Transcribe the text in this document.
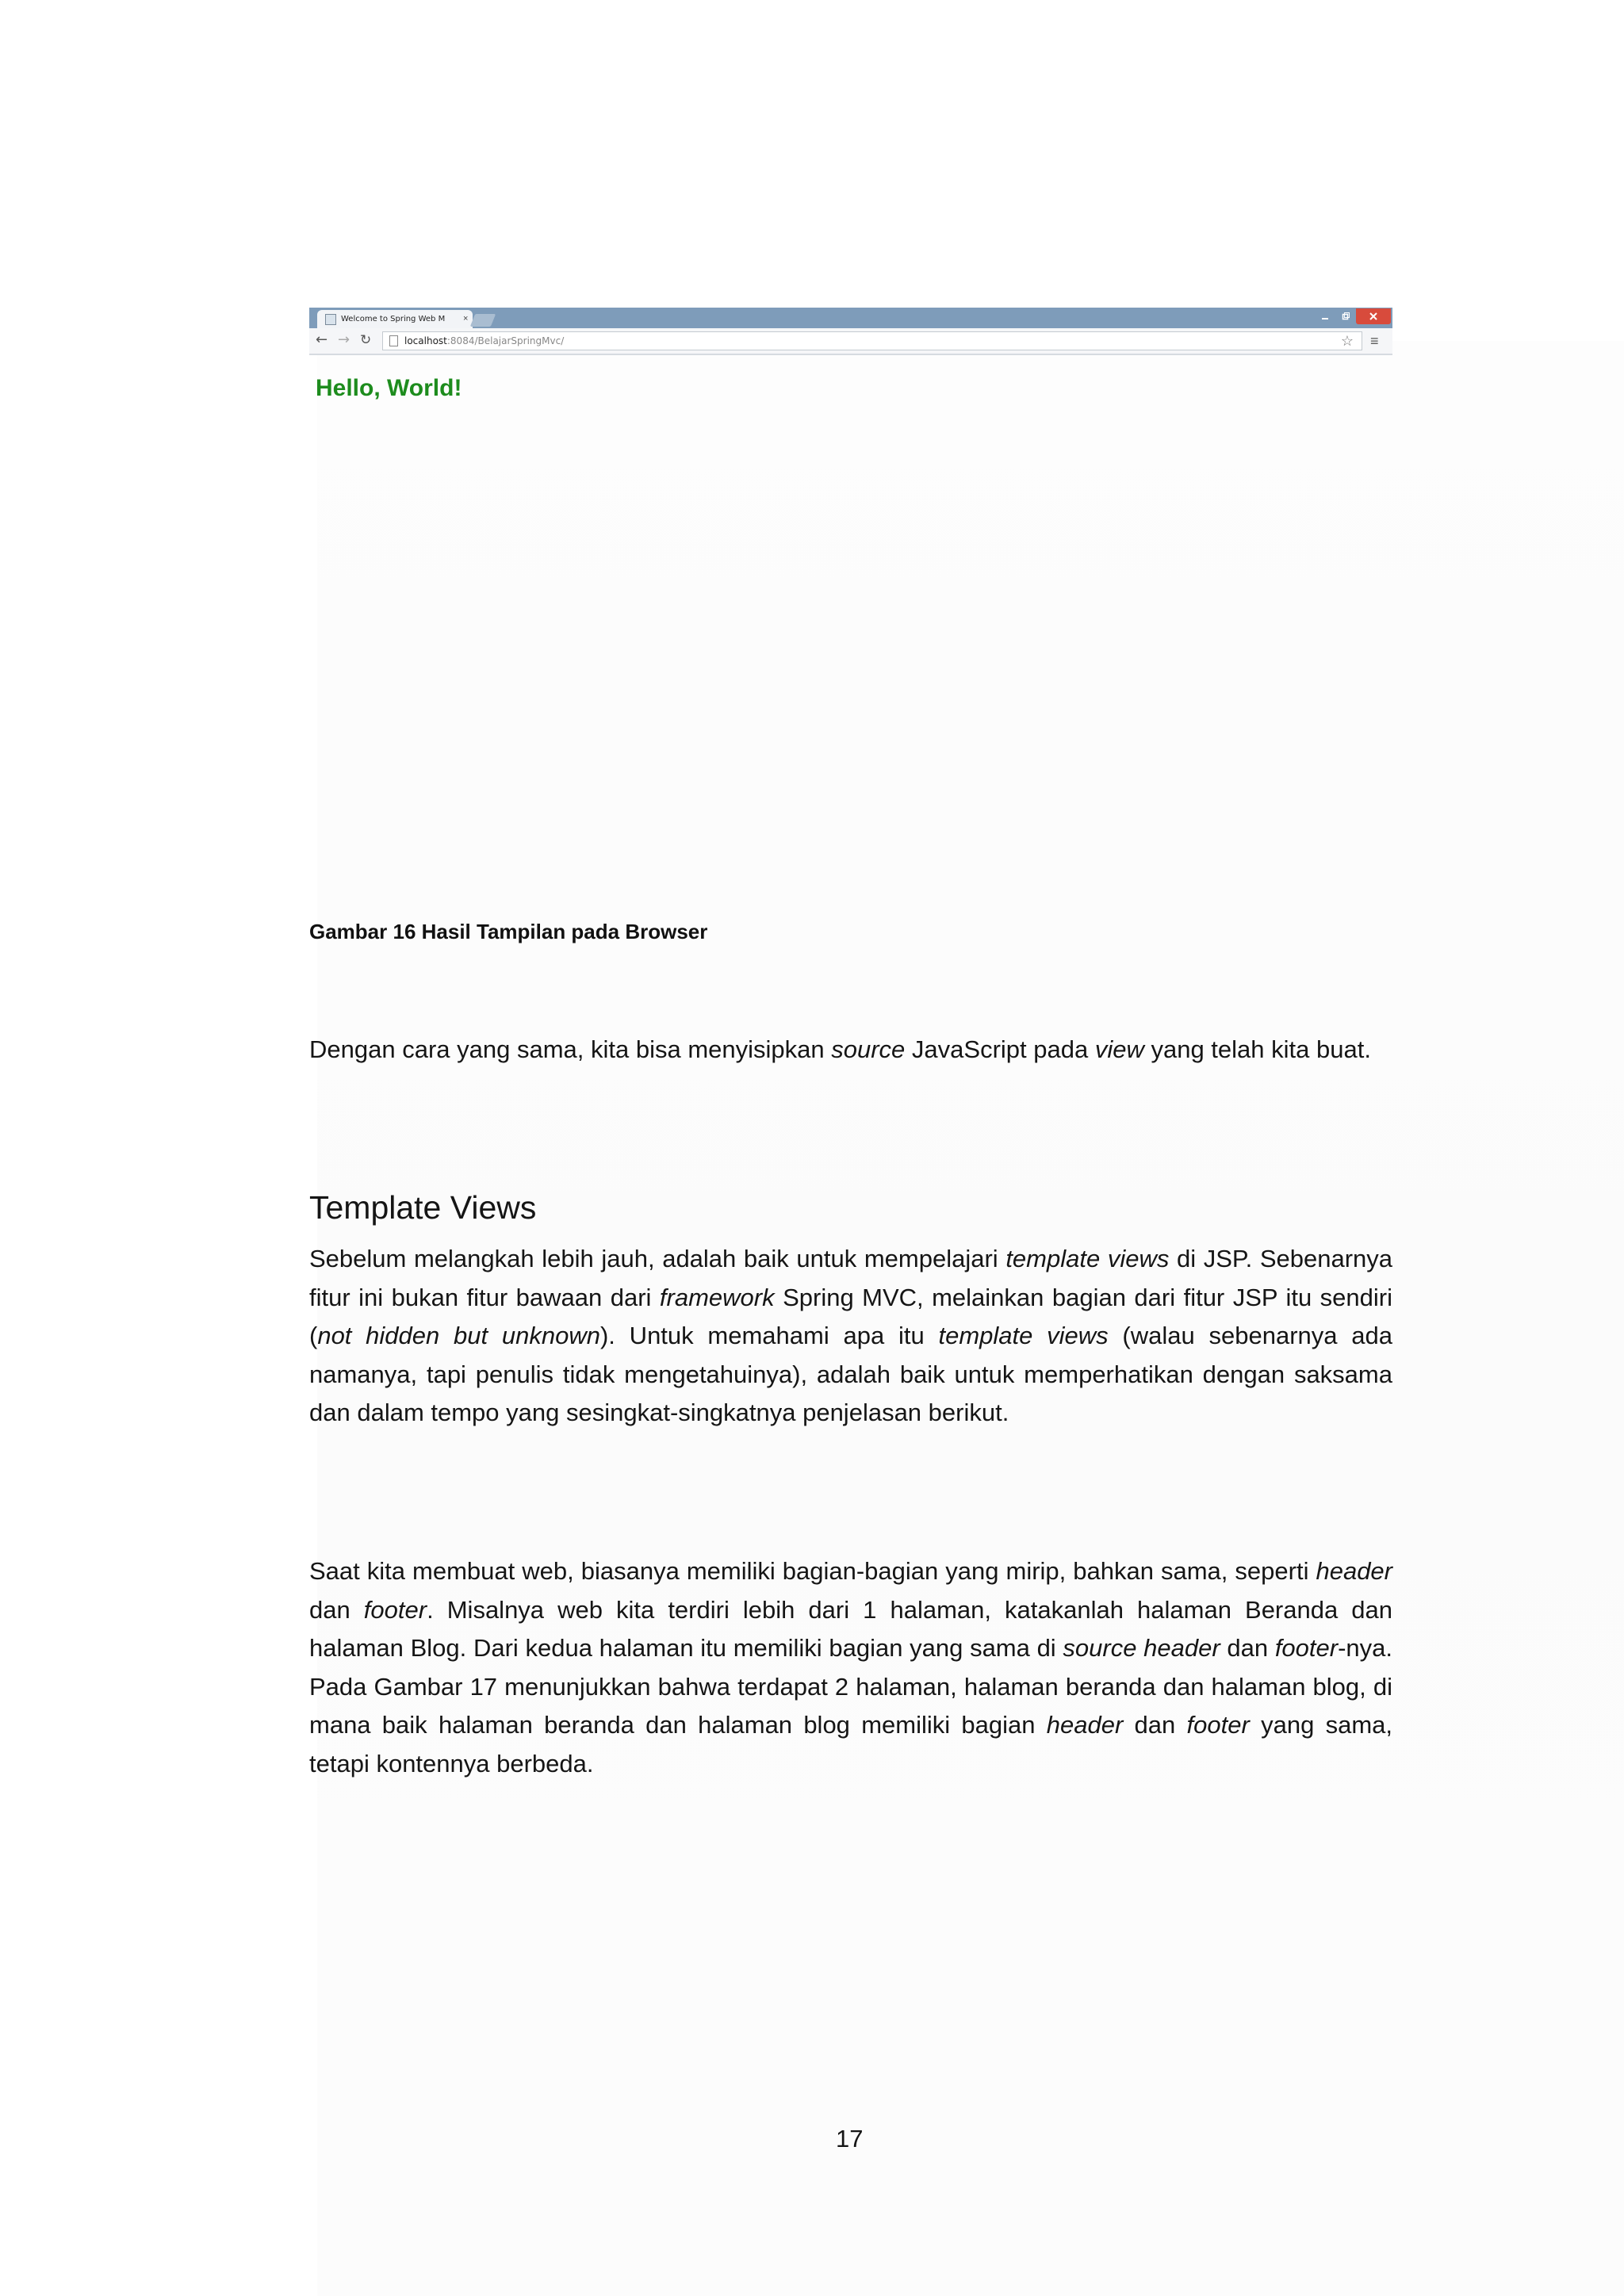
Welcome to Spring Web M	×
← → ↻	localhost:8084/BelajarSpringMvc/	☆ ≡
Hello, World!
Gambar 16 Hasil Tampilan pada Browser

Dengan cara yang sama, kita bisa menyisipkan source JavaScript pada view yang telah kita buat.

Template Views

Sebelum melangkah lebih jauh, adalah baik untuk mempelajari template views di JSP. Sebenarnya fitur ini bukan fitur bawaan dari framework Spring MVC, melainkan bagian dari fitur JSP itu sendiri (not hidden but unknown). Untuk memahami apa itu template views (walau sebenarnya ada namanya, tapi penulis tidak mengetahuinya), adalah baik untuk memperhatikan dengan saksama dan dalam tempo yang sesingkat-singkatnya penjelasan berikut.

Saat kita membuat web, biasanya memiliki bagian-bagian yang mirip, bahkan sama, seperti header dan footer. Misalnya web kita terdiri lebih dari 1 halaman, katakanlah halaman Beranda dan halaman Blog. Dari kedua halaman itu memiliki bagian yang sama di source header dan footer-nya. Pada Gambar 17 menunjukkan bahwa terdapat 2 halaman, halaman beranda dan halaman blog, di mana baik halaman beranda dan halaman blog memiliki bagian header dan footer yang sama, tetapi kontennya berbeda.

17
